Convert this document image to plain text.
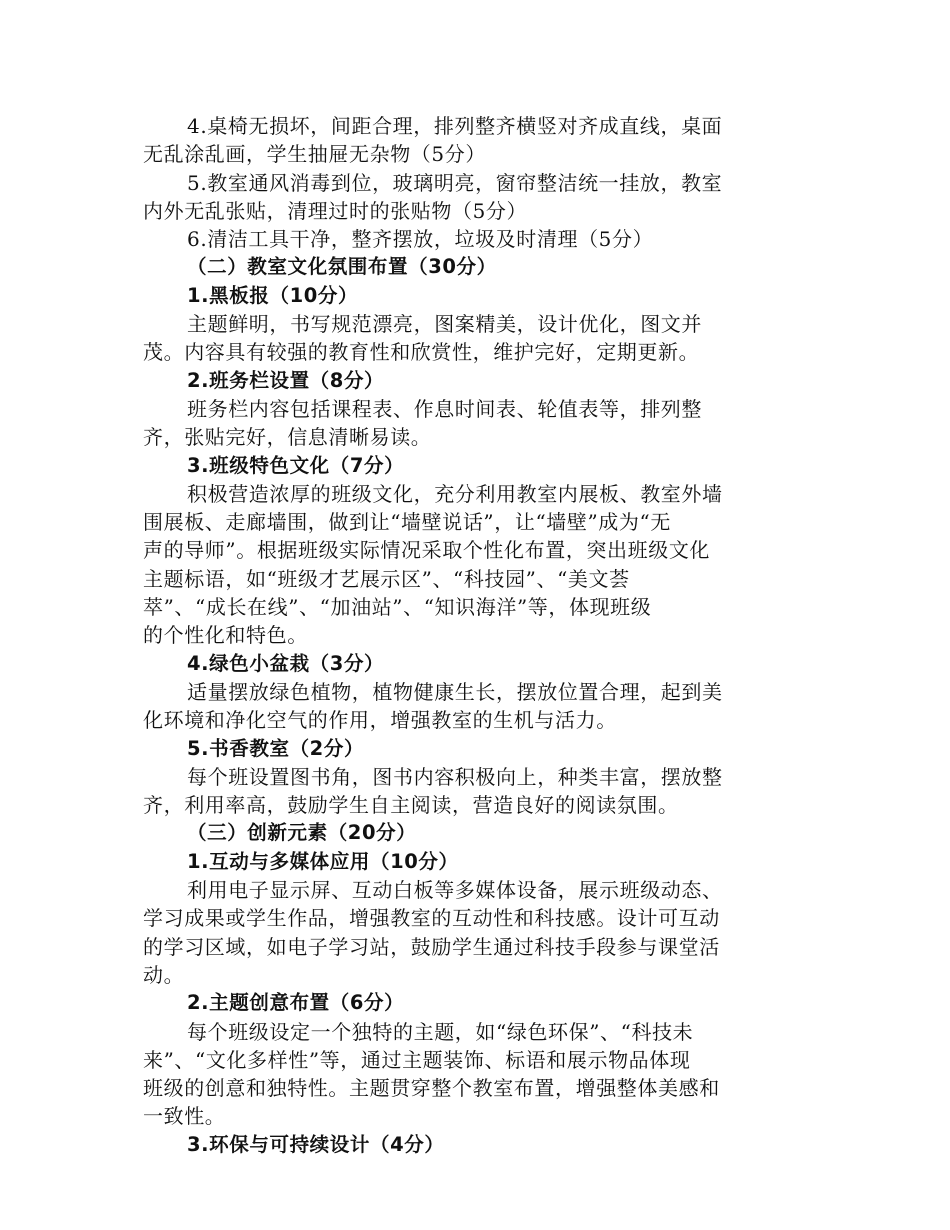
4.桌椅无损坏，间距合理，排列整齐横竖对齐成直线，桌面
无乱涂乱画，学生抽屉无杂物（5分）
5.教室通风消毒到位，玻璃明亮，窗帘整洁统一挂放，教室
内外无乱张贴，清理过时的张贴物（5分）
6.清洁工具干净，整齐摆放，垃圾及时清理（5分）
（二）教室文化氛围布置（30分）
1.黑板报（10分）
主题鲜明，书写规范漂亮，图案精美，设计优化，图文并
茂。内容具有较强的教育性和欣赏性，维护完好，定期更新。
2.班务栏设置（8分）
班务栏内容包括课程表、作息时间表、轮值表等，排列整
齐，张贴完好，信息清晰易读。
3.班级特色文化（7分）
积极营造浓厚的班级文化，充分利用教室内展板、教室外墙
围展板、走廊墙围，做到让“墙壁说话”，让“墙壁”成为“无
声的导师”。根据班级实际情况采取个性化布置，突出班级文化
主题标语，如“班级才艺展示区”、“科技园”、“美文荟
萃”、“成长在线”、“加油站”、“知识海洋”等，体现班级
的个性化和特色。
4.绿色小盆栽（3分）
适量摆放绿色植物，植物健康生长，摆放位置合理，起到美
化环境和净化空气的作用，增强教室的生机与活力。
5.书香教室（2分）
每个班设置图书角，图书内容积极向上，种类丰富，摆放整
齐，利用率高，鼓励学生自主阅读，营造良好的阅读氛围。
（三）创新元素（20分）
1.互动与多媒体应用（10分）
利用电子显示屏、互动白板等多媒体设备，展示班级动态、
学习成果或学生作品，增强教室的互动性和科技感。设计可互动
的学习区域，如电子学习站，鼓励学生通过科技手段参与课堂活
动。
2.主题创意布置（6分）
每个班级设定一个独特的主题，如“绿色环保”、“科技未
来”、“文化多样性”等，通过主题装饰、标语和展示物品体现
班级的创意和独特性。主题贯穿整个教室布置，增强整体美感和
一致性。
3.环保与可持续设计（4分）
